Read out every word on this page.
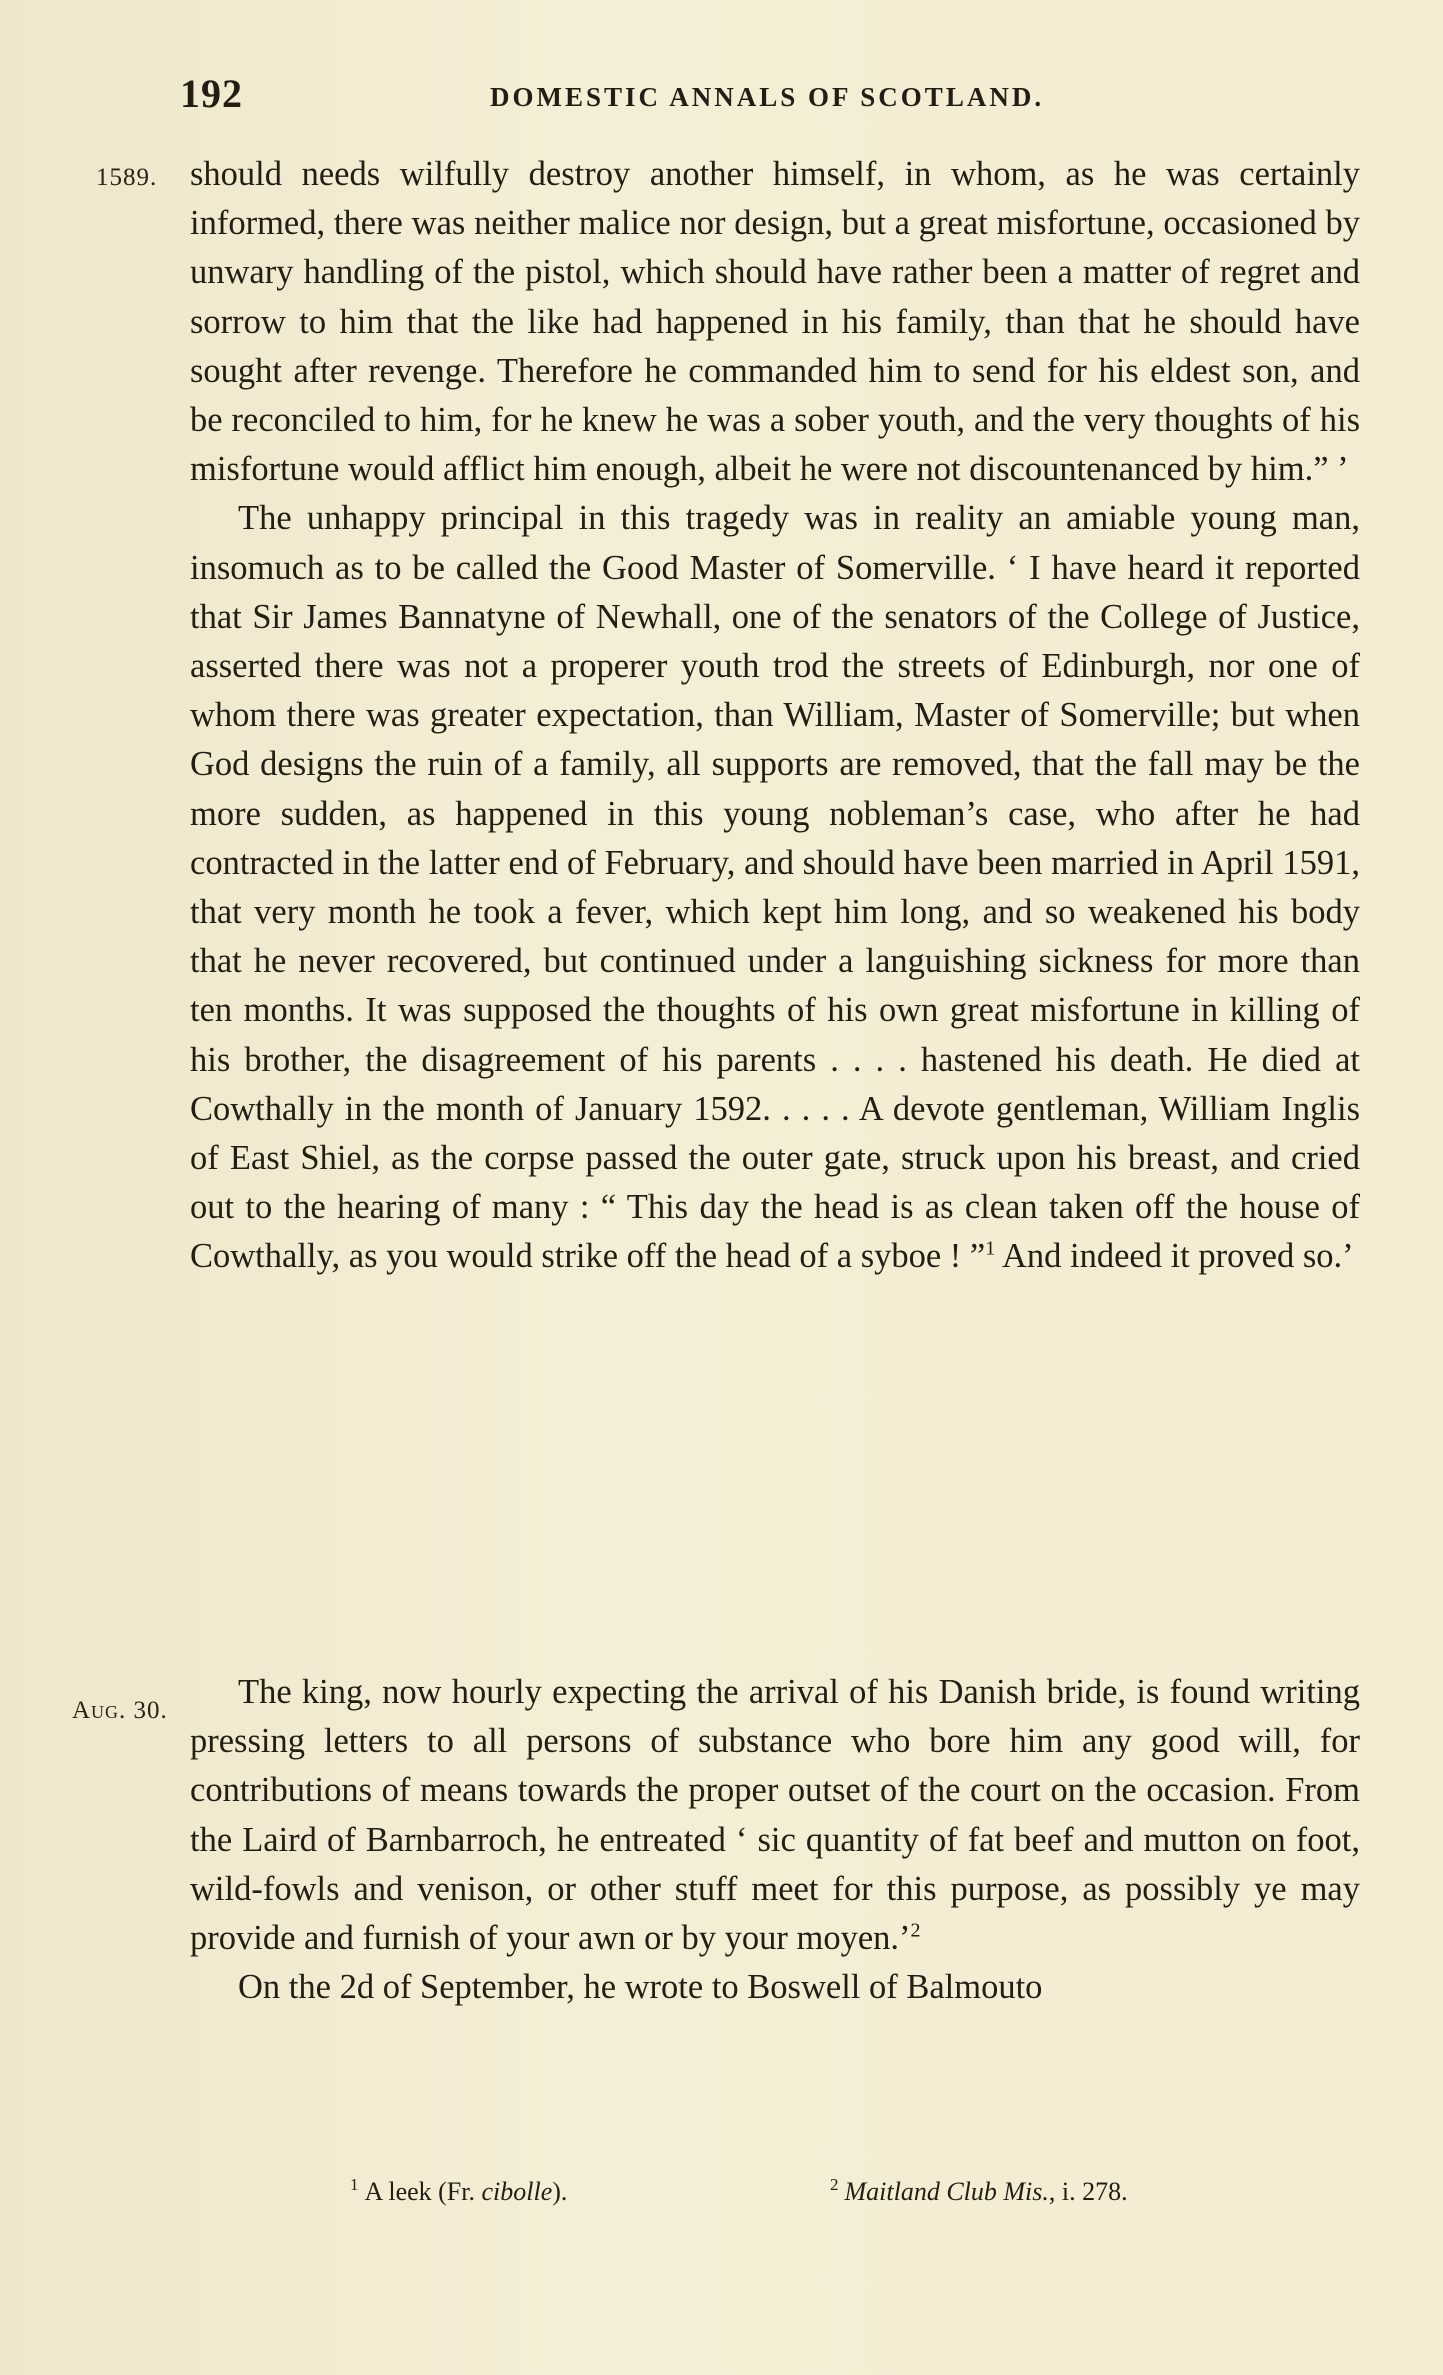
192	DOMESTIC ANNALS OF SCOTLAND.
1589.
Aug. 30.

should needs wilfully destroy another himself, in whom, as he was certainly informed, there was neither malice nor design, but a great misfortune, occasioned by unwary handling of the pistol, which should have rather been a matter of regret and sorrow to him that the like had happened in his family, than that he should have sought after revenge. Therefore he commanded him to send for his eldest son, and be reconciled to him, for he knew he was a sober youth, and the very thoughts of his misfortune would afflict him enough, albeit he were not discountenanced by him.” ’

The unhappy principal in this tragedy was in reality an amiable young man, insomuch as to be called the Good Master of Somerville. ‘ I have heard it reported that Sir James Bannatyne of Newhall, one of the senators of the College of Justice, asserted there was not a properer youth trod the streets of Edinburgh, nor one of whom there was greater expectation, than William, Master of Somerville; but when God designs the ruin of a family, all supports are removed, that the fall may be the more sudden, as happened in this young nobleman’s case, who after he had contracted in the latter end of February, and should have been married in April 1591, that very month he took a fever, which kept him long, and so weakened his body that he never recovered, but continued under a languishing sickness for more than ten months. It was supposed the thoughts of his own great misfortune in killing of his brother, the disagreement of his parents . . . . hastened his death. He died at Cowthally in the month of January 1592. . . . . A devote gentleman, William Inglis of East Shiel, as the corpse passed the outer gate, struck upon his breast, and cried out to the hearing of many : “ This day the head is as clean taken off the house of Cowthally, as you would strike off the head of a syboe ! ”$^1$ And indeed it proved so.’

The king, now hourly expecting the arrival of his Danish bride, is found writing pressing letters to all persons of substance who bore him any good will, for contributions of means towards the proper outset of the court on the occasion. From the Laird of Barnbarroch, he entreated ‘ sic quantity of fat beef and mutton on foot, wild-fowls and venison, or other stuff meet for this purpose, as possibly ye may provide and furnish of your awn or by your moyen.’$^2$

On the 2d of September, he wrote to Boswell of Balmouto

$^1$ A leek (Fr. cibolle).	$^2$ Maitland Club Mis., i. 278.
